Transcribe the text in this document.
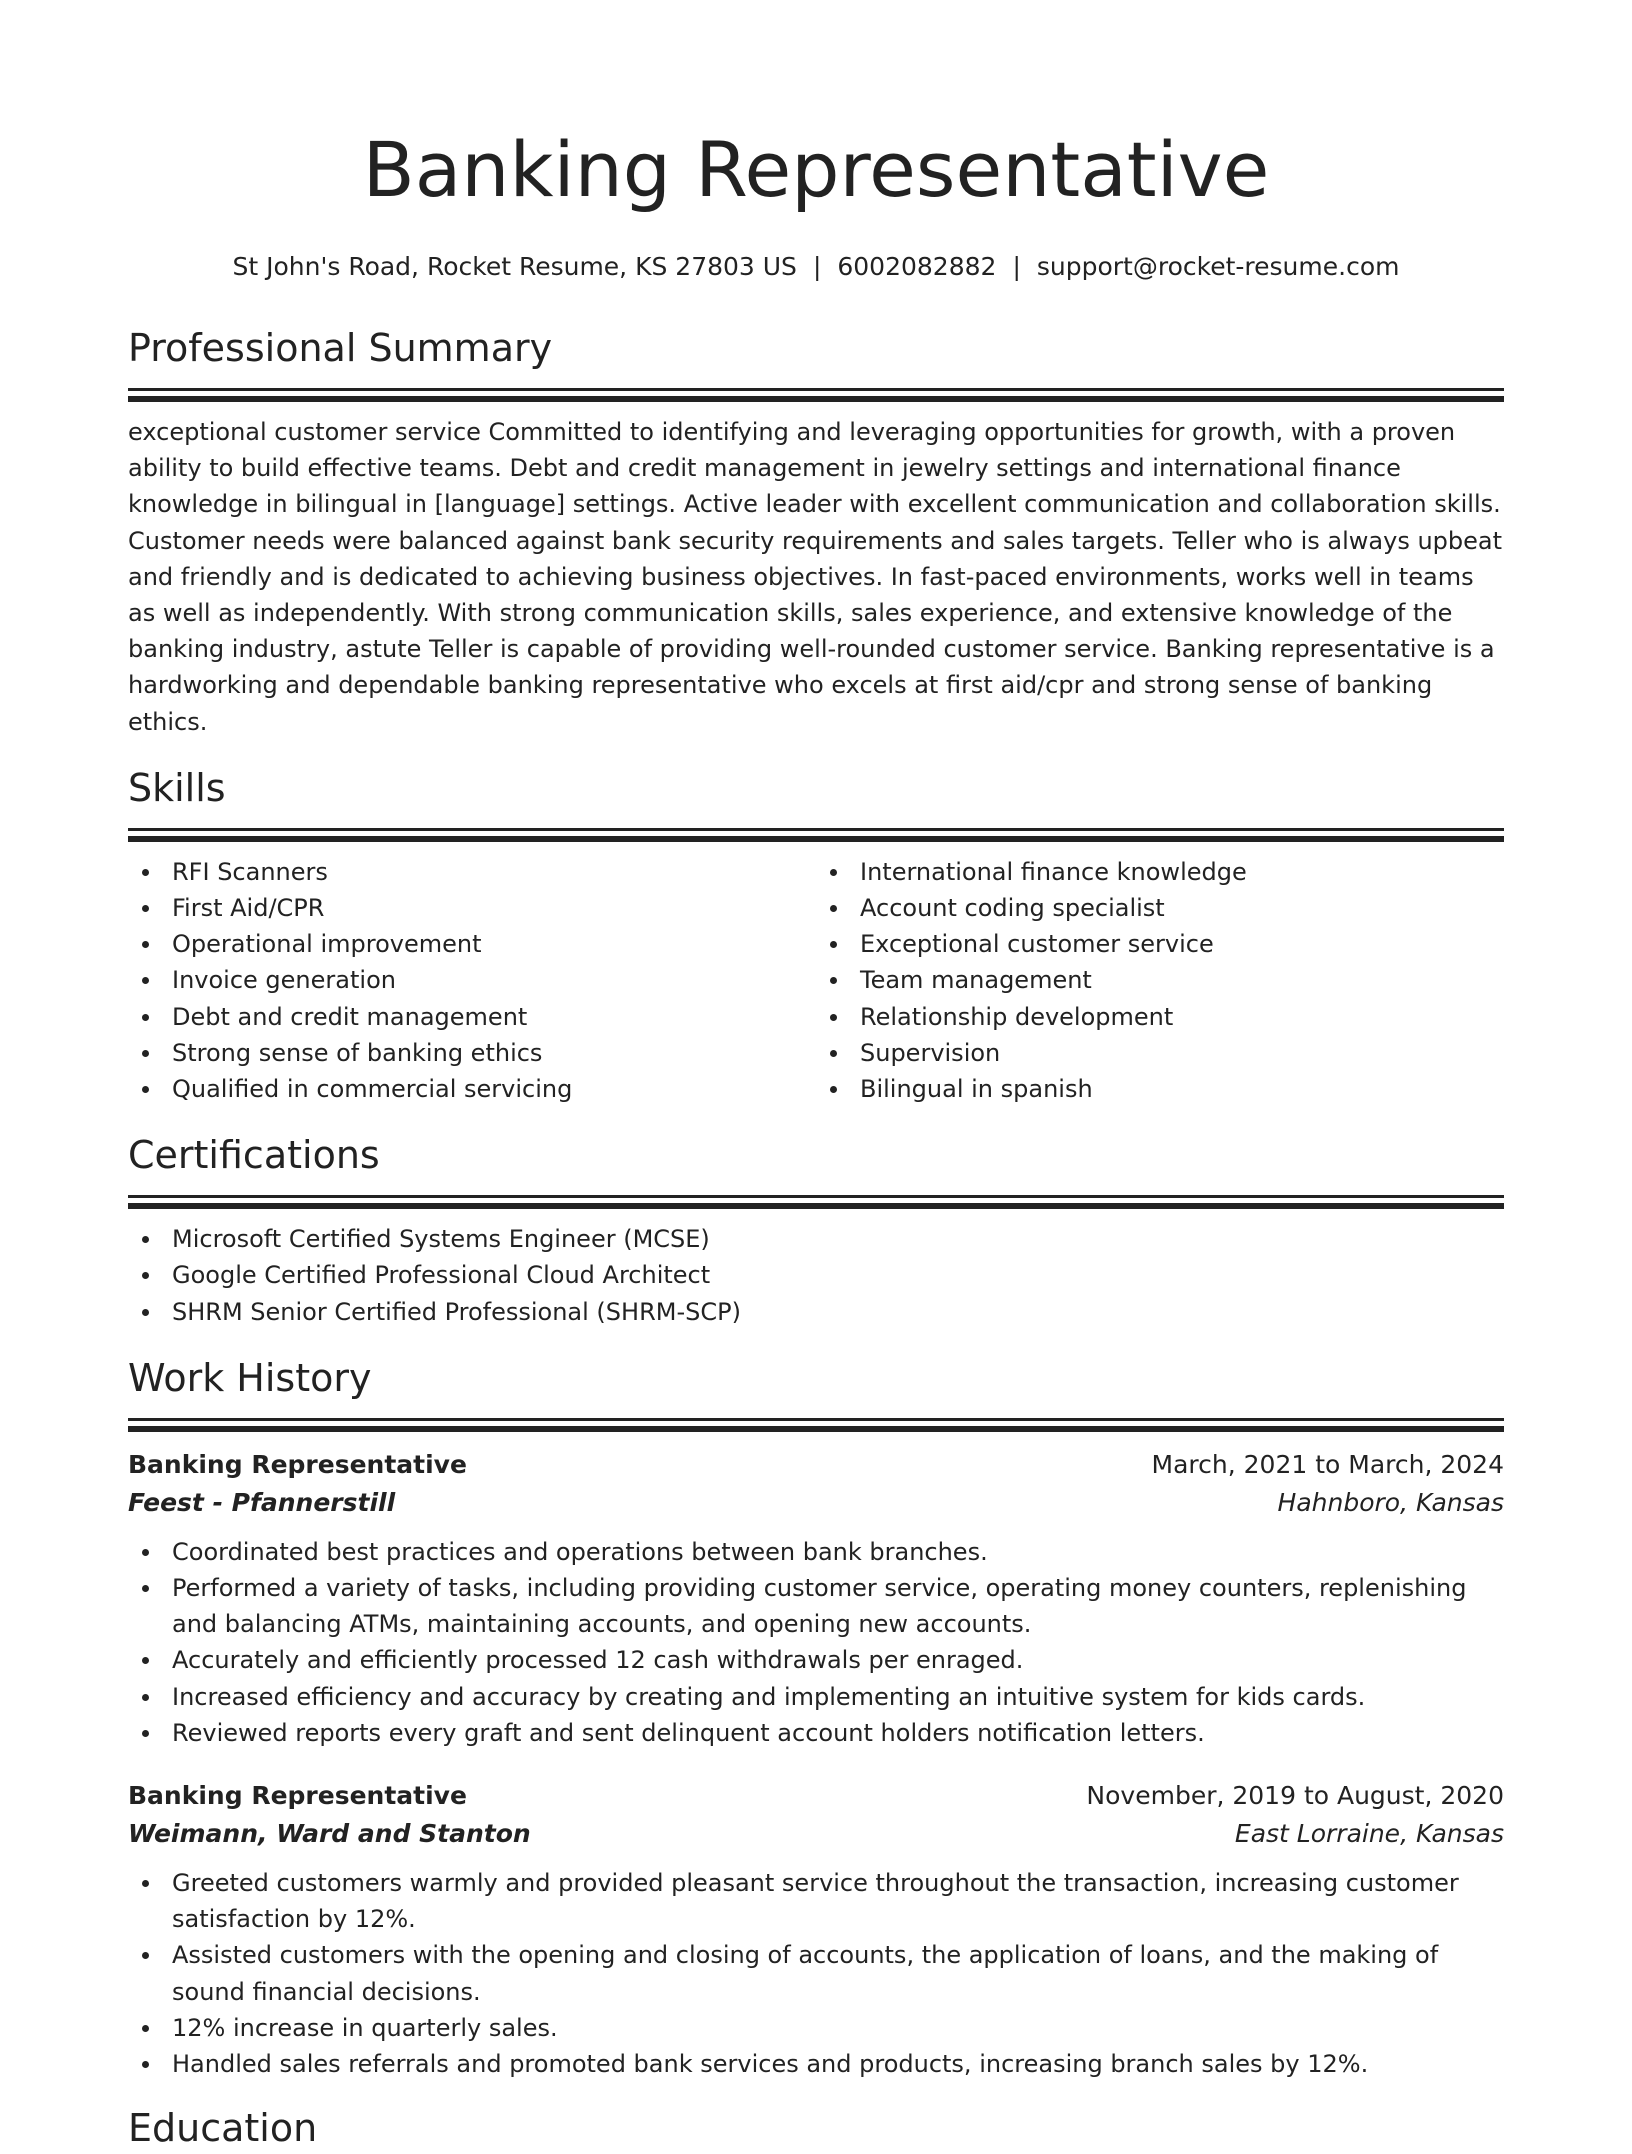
Banking Representative
St John's Road, Rocket Resume, KS 27803 US | 6002082882 | support@rocket-resume.com
Professional Summary
exceptional customer service Committed to identifying and leveraging opportunities for growth, with a proven ability to build effective teams. Debt and credit management in jewelry settings and international finance knowledge in bilingual in [language] settings. Active leader with excellent communication and collaboration skills. Customer needs were balanced against bank security requirements and sales targets. Teller who is always upbeat and friendly and is dedicated to achieving business objectives. In fast-paced environments, works well in teams as well as independently. With strong communication skills, sales experience, and extensive knowledge of the banking industry, astute Teller is capable of providing well-rounded customer service. Banking representative is a hardworking and dependable banking representative who excels at first aid/cpr and strong sense of banking ethics.
Skills
RFI Scanners
First Aid/CPR
Operational improvement
Invoice generation
Debt and credit management
Strong sense of banking ethics
Qualified in commercial servicing
International finance knowledge
Account coding specialist
Exceptional customer service
Team management
Relationship development
Supervision
Bilingual in spanish
Certifications
Microsoft Certified Systems Engineer (MCSE)
Google Certified Professional Cloud Architect
SHRM Senior Certified Professional (SHRM-SCP)
Work History
Banking Representative	March, 2021 to March, 2024
Feest - Pfannerstill	Hahnboro, Kansas
Coordinated best practices and operations between bank branches.
Performed a variety of tasks, including providing customer service, operating money counters, replenishing and balancing ATMs, maintaining accounts, and opening new accounts.
Accurately and efficiently processed 12 cash withdrawals per enraged.
Increased efficiency and accuracy by creating and implementing an intuitive system for kids cards.
Reviewed reports every graft and sent delinquent account holders notification letters.
Banking Representative	November, 2019 to August, 2020
Weimann, Ward and Stanton	East Lorraine, Kansas
Greeted customers warmly and provided pleasant service throughout the transaction, increasing customer satisfaction by 12%.
Assisted customers with the opening and closing of accounts, the application of loans, and the making of sound financial decisions.
12% increase in quarterly sales.
Handled sales referrals and promoted bank services and products, increasing branch sales by 12%.
Education
